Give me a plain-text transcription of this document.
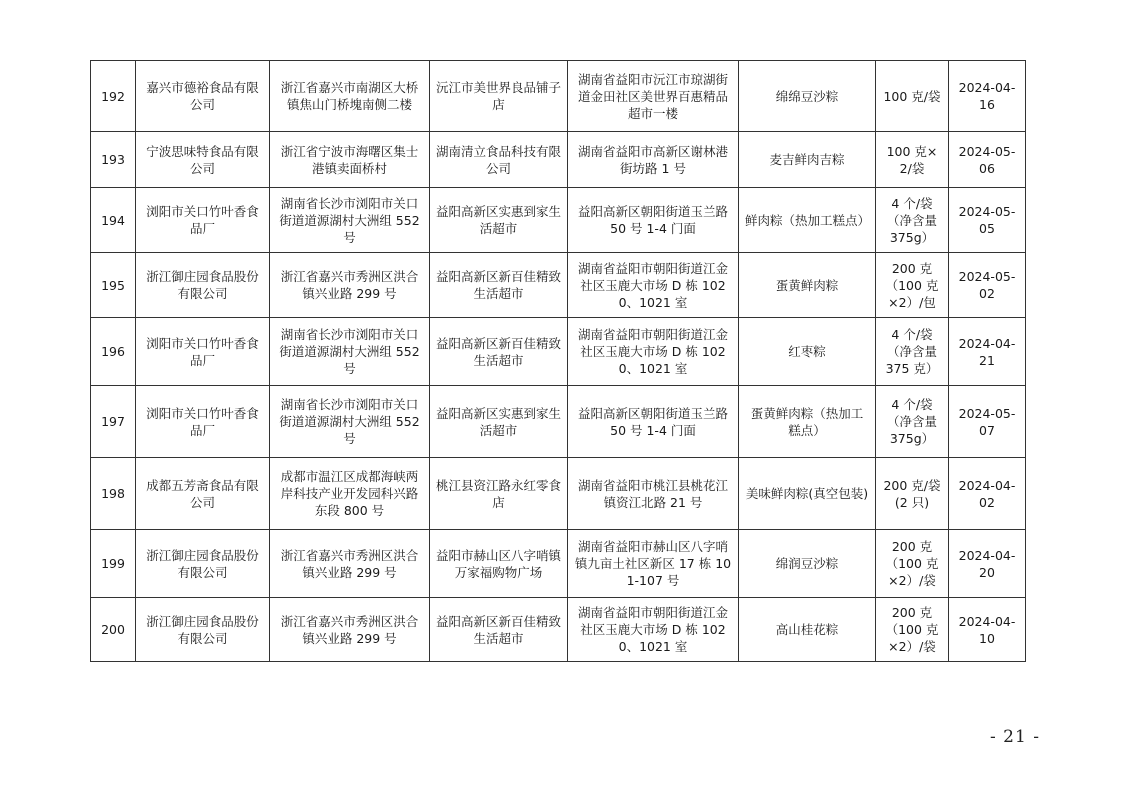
192	嘉兴市德裕食品有限公司	浙江省嘉兴市南湖区大桥镇焦山门桥塊南侧二楼	沅江市美世界良品铺子店	湖南省益阳市沅江市琼湖街道金田社区美世界百惠精品超市一楼	绵绵豆沙粽	100 克/袋	2024-04-16
193	宁波思味特食品有限公司	浙江省宁波市海曙区集士港镇卖面桥村	湖南清立食品科技有限公司	湖南省益阳市高新区谢林港街坊路 1 号	麦吉鲜肉吉粽	100 克×2/袋	2024-05-06
194	浏阳市关口竹叶香食品厂	湖南省长沙市浏阳市关口街道道源湖村大洲组 552 号	益阳高新区实惠到家生活超市	益阳高新区朝阳街道玉兰路 50 号 1-4 门面	鲜肉粽（热加工糕点）	4 个/袋（净含量 375g）	2024-05-05
195	浙江御庄园食品股份有限公司	浙江省嘉兴市秀洲区洪合镇兴业路 299 号	益阳高新区新百佳精致生活超市	湖南省益阳市朝阳街道江金社区玉鹿大市场 D 栋 1020、1021 室	蛋黄鲜肉粽	200 克（100 克×2）/包	2024-05-02
196	浏阳市关口竹叶香食品厂	湖南省长沙市浏阳市关口街道道源湖村大洲组 552 号	益阳高新区新百佳精致生活超市	湖南省益阳市朝阳街道江金社区玉鹿大市场 D 栋 1020、1021 室	红枣粽	4 个/袋（净含量 375 克）	2024-04-21
197	浏阳市关口竹叶香食品厂	湖南省长沙市浏阳市关口街道道源湖村大洲组 552 号	益阳高新区实惠到家生活超市	益阳高新区朝阳街道玉兰路 50 号 1-4 门面	蛋黄鲜肉粽（热加工糕点）	4 个/袋（净含量 375g）	2024-05-07
198	成都五芳斋食品有限公司	成都市温江区成都海峡两岸科技产业开发园科兴路东段 800 号	桃江县资江路永红零食店	湖南省益阳市桃江县桃花江镇资江北路 21 号	美味鲜肉粽(真空包装)	200 克/袋(2 只)	2024-04-02
199	浙江御庄园食品股份有限公司	浙江省嘉兴市秀洲区洪合镇兴业路 299 号	益阳市赫山区八字哨镇万家福购物广场	湖南省益阳市赫山区八字哨镇九亩土社区新区 17 栋 101-107 号	绵润豆沙粽	200 克（100 克×2）/袋	2024-04-20
200	浙江御庄园食品股份有限公司	浙江省嘉兴市秀洲区洪合镇兴业路 299 号	益阳高新区新百佳精致生活超市	湖南省益阳市朝阳街道江金社区玉鹿大市场 D 栋 1020、1021 室	高山桂花粽	200 克（100 克×2）/袋	2024-04-10
- 21 -
